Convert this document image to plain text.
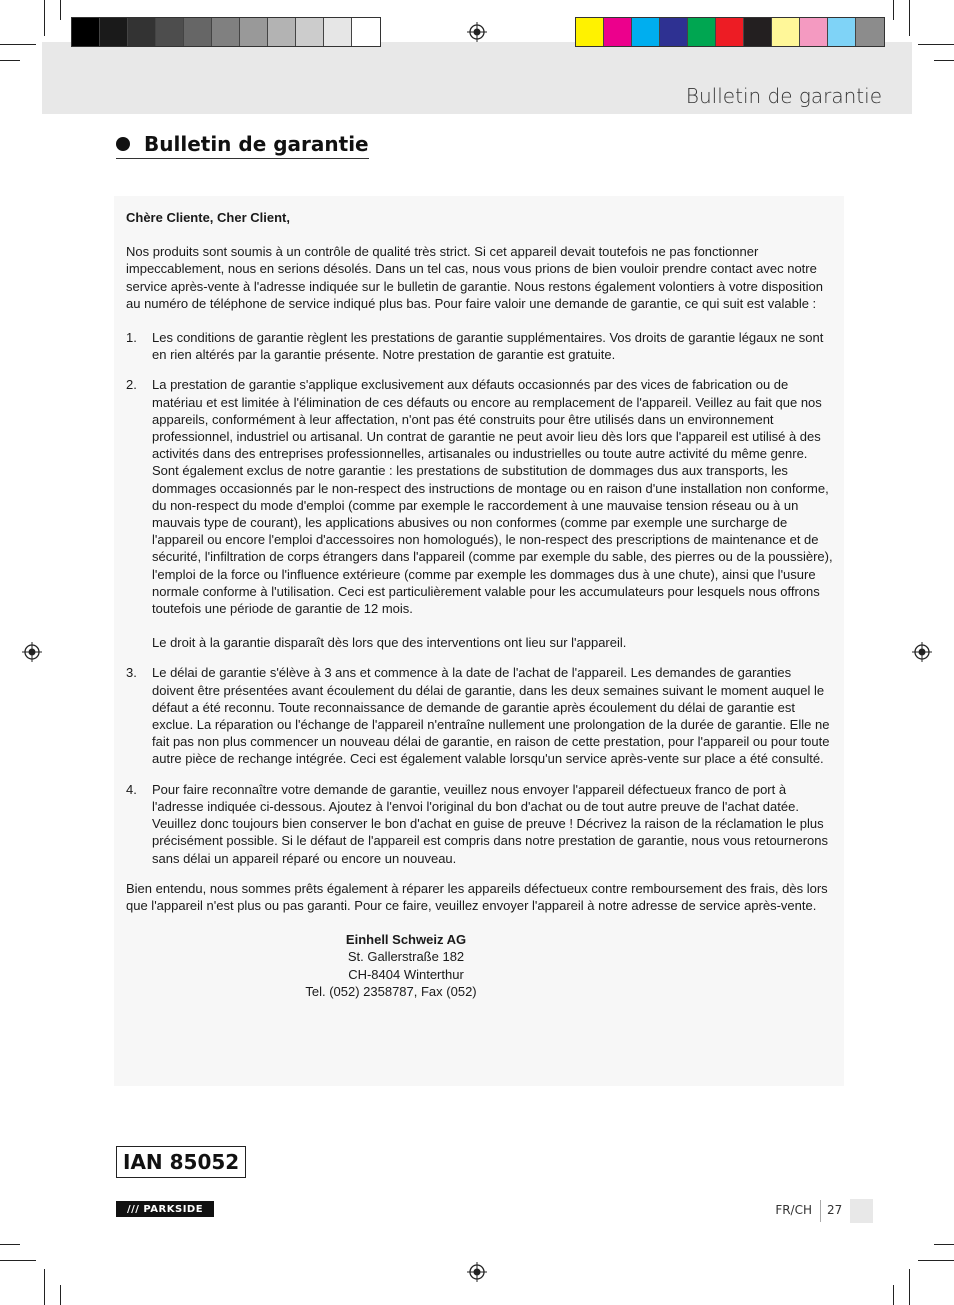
Bulletin de garantie
Bulletin de garantie

Chère Cliente, Cher Client,

Nos produits sont soumis à un contrôle de qualité très strict. Si cet appareil devait toutefois ne pas fonctionner impeccablement, nous en serions désolés. Dans un tel cas, nous vous prions de bien vouloir prendre contact avec notre service après-vente à l'adresse indiquée sur le bulletin de garantie. Nous restons également volontiers à votre disposition au numéro de téléphone de service indiqué plus bas. Pour faire valoir une demande de garantie, ce qui suit est valable :

1.	Les conditions de garantie règlent les prestations de garantie supplémentaires. Vos droits de garantie légaux ne sont en rien altérés par la garantie présente. Notre prestation de garantie est gratuite.
2.	La prestation de garantie s'applique exclusivement aux défauts occasionnés par des vices de fabrication ou de matériau et est limitée à l'élimination de ces défauts ou encore au remplacement de l'appareil. Veillez au fait que nos appareils, conformément à leur affectation, n'ont pas été construits pour être utilisés dans un environnement professionnel, industriel ou artisanal. Un contrat de garantie ne peut avoir lieu dès lors que l'appareil est utilisé à des activités dans des entreprises professionnelles, artisanales ou industrielles ou toute autre activité du même genre. Sont également exclus de notre garantie : les prestations de substitution de dommages dus aux transports, les dommages occasionnés par le non-respect des instructions de montage ou en raison d'une installation non conforme, du non-respect du mode d'emploi (comme par exemple le raccordement à une mauvaise tension réseau ou à un mauvais type de courant), les applications abusives ou non conformes (comme par exemple une surcharge de l'appareil ou encore l'emploi d'accessoires non homologués), le non-respect des prescriptions de maintenance et de sécurité, l'infiltration de corps étrangers dans l'appareil (comme par exemple du sable, des pierres ou de la poussière), l'emploi de la force ou l'influence extérieure (comme par exemple les dommages dus à une chute), ainsi que l'usure normale conforme à l'utilisation. Ceci est particulièrement valable pour les accumulateurs pour lesquels nous offrons toutefois une période de garantie de 12 mois.

Le droit à la garantie disparaît dès lors que des interventions ont lieu sur l'appareil.

3.	Le délai de garantie s'élève à 3 ans et commence à la date de l'achat de l'appareil. Les demandes de garanties doivent être présentées avant écoulement du délai de garantie, dans les deux semaines suivant le moment auquel le défaut a été reconnu. Toute reconnaissance de demande de garantie après écoulement du délai de garantie est exclue. La réparation ou l'échange de l'appareil n'entraîne nullement une prolongation de la durée de garantie. Elle ne fait pas non plus commencer un nouveau délai de garantie, en raison de cette prestation, pour l'appareil ou pour toute autre pièce de rechange intégrée. Ceci est également valable lorsqu'un service après-vente sur place a été consulté.
4.	Pour faire reconnaître votre demande de garantie, veuillez nous envoyer l'appareil défectueux franco de port à l'adresse indiquée ci-dessous. Ajoutez à l'envoi l'original du bon d'achat ou de tout autre preuve de l'achat datée. Veuillez donc toujours bien conserver le bon d'achat en guise de preuve ! Décrivez la raison de la réclamation le plus précisément possible. Si le défaut de l'appareil est compris dans notre prestation de garantie, nous vous retournerons sans délai un appareil réparé ou encore un nouveau.

Bien entendu, nous sommes prêts également à réparer les appareils défectueux contre remboursement des frais, dès lors que l'appareil n'est plus ou pas garanti. Pour ce faire, veuillez envoyer l'appareil à notre adresse de service après-vente.

Einhell Schweiz AG
St. Gallerstraße 182
CH-8404 Winterthur
Tel. (052) 2358787, Fax (052)
IAN 85052
/// PARKSIDE	FR/CH 27
